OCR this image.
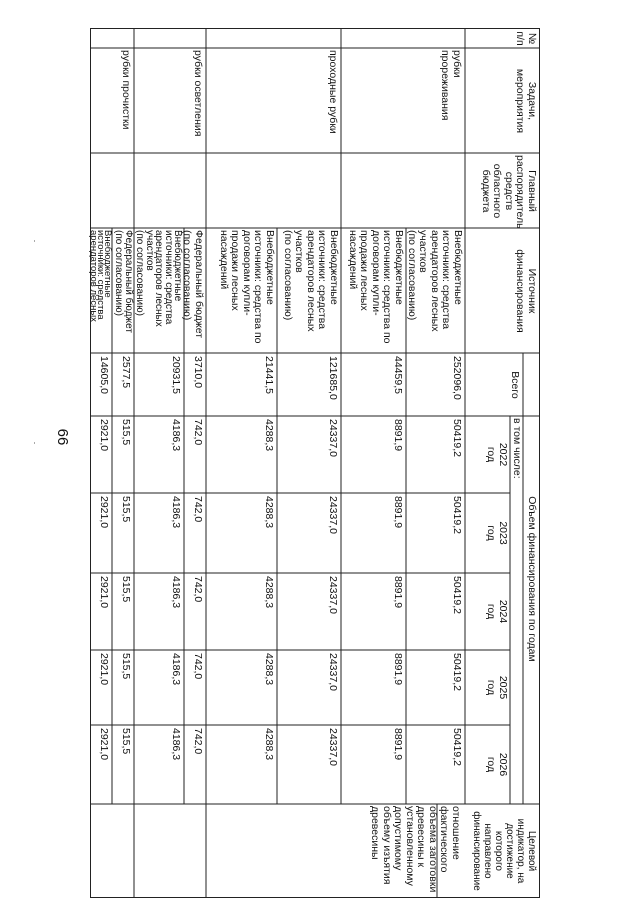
66
№
п/п
Задачи,
мероприятия
Главный
распорядитель
средств
областного
бюджета
Источник
финансирования
Объем финансирования по годам
Всего
в том числе:
2022
год
2023
год
2024
год
2025
год
2026
год
Целевой
индикатор, на
достижение
которого
направлено
финансирование
отношение
фактического
объема заготовки
древесины к
установленному
допустимому
объему изъятия
древесины
рубки
прореживания
Внебюджетные
источники: средства
арендаторов лесных
участков
(по согласованию)
252096,0
50419,2
50419,2
50419,2
50419,2
50419,2
Внебюджетные
источники: средства по
договорам купли-
продажи лесных
насаждений
44459,5
8891,9
8891,9
8891,9
8891,9
8891,9
проходные рубки
Внебюджетные
источники: средства
арендаторов лесных
участков
(по согласованию)
121685,0
24337,0
24337,0
24337,0
24337,0
24337,0
Внебюджетные
источники: средства по
договорам купли-
продажи лесных
насаждений
21441,5
4288,3
4288,3
4288,3
4288,3
4288,3
рубки осветления
Федеральный бюджет
(по согласованию)
3710,0
742,0
742,0
742,0
742,0
742,0
Внебюджетные
источники: средства
арендаторов лесных
участков
(по согласованию)
20931,5
4186,3
4186,3
4186,3
4186,3
4186,3
рубки прочистки
Федеральный бюджет
(по согласованию)
2577,5
515,5
515,5
515,5
515,5
515,5
Внебюджетные
источники: средства
арендаторов лесных
14605,0
2921,0
2921,0
2921,0
2921,0
2921,0
